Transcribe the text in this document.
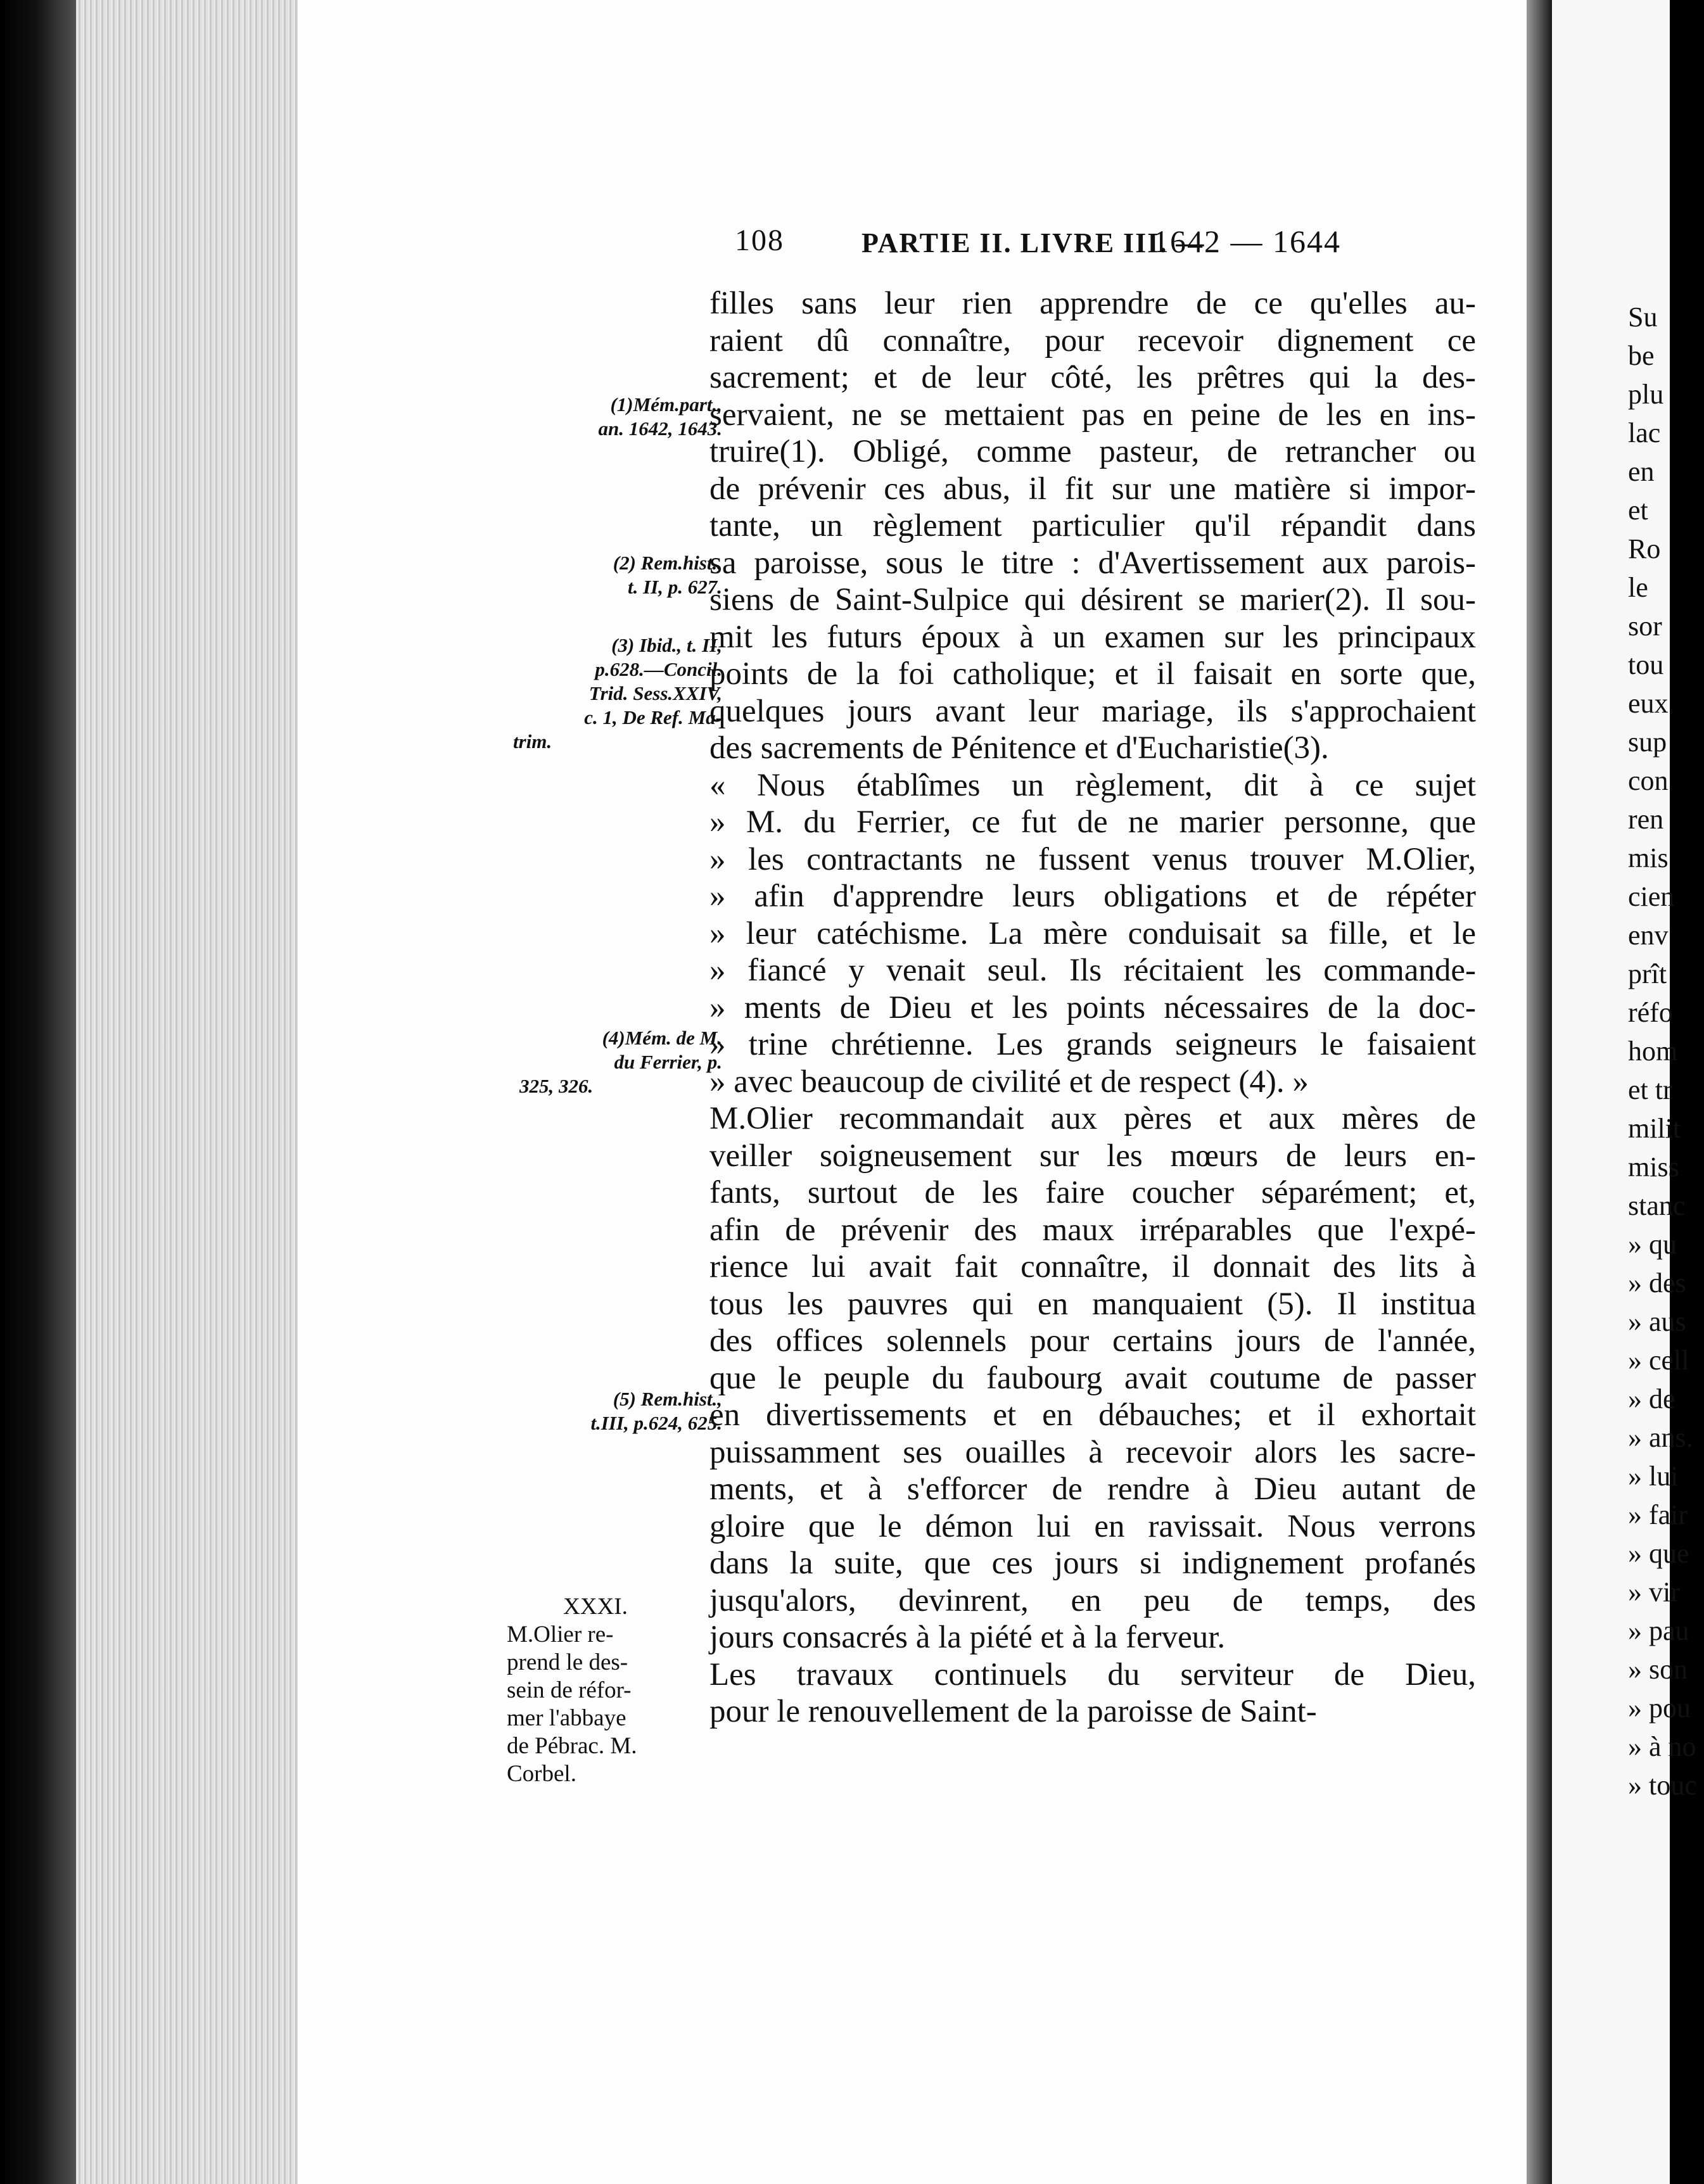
108	PARTIE II. LIVRE III. —
1642 — 1644
(1)Mém.part.,
an. 1642, 1643.
(2) Rem.hist.,
t. II, p. 627.
(3) Ibid., t. II,
p.628.—Concil.
Trid. Sess.XXIV,
c. 1, De Ref. Ma-
trim.
(4)Mém. de M.
du Ferrier, p.
325, 326.
(5) Rem.hist.,
t.III, p.624, 625.
XXXI.
M.Olier re-
prend le des-
sein de réfor-
mer l'abbaye
de Pébrac. M.
Corbel.
filles sans leur rien apprendre de ce qu'elles au-
raient dû connaître, pour recevoir dignement ce
sacrement; et de leur côté, les prêtres qui la des-
servaient, ne se mettaient pas en peine de les en ins-
truire(1). Obligé, comme pasteur, de retrancher ou
de prévenir ces abus, il fit sur une matière si impor-
tante, un règlement particulier qu'il répandit dans
sa paroisse, sous le titre : d'Avertissement aux parois-
siens de Saint-Sulpice qui désirent se marier(2). Il sou-
mit les futurs époux à un examen sur les principaux
points de la foi catholique; et il faisait en sorte que,
quelques jours avant leur mariage, ils s'approchaient
des sacrements de Pénitence et d'Eucharistie(3).
« Nous établîmes un règlement, dit à ce sujet
» M. du Ferrier, ce fut de ne marier personne, que
» les contractants ne fussent venus trouver M.Olier,
» afin d'apprendre leurs obligations et de répéter
» leur catéchisme. La mère conduisait sa fille, et le
» fiancé y venait seul. Ils récitaient les commande-
» ments de Dieu et les points nécessaires de la doc-
» trine chrétienne. Les grands seigneurs le faisaient
» avec beaucoup de civilité et de respect (4). »
M.Olier recommandait aux pères et aux mères de
veiller soigneusement sur les mœurs de leurs en-
fants, surtout de les faire coucher séparément; et,
afin de prévenir des maux irréparables que l'expé-
rience lui avait fait connaître, il donnait des lits à
tous les pauvres qui en manquaient (5). Il institua
des offices solennels pour certains jours de l'année,
que le peuple du faubourg avait coutume de passer
en divertissements et en débauches; et il exhortait
puissamment ses ouailles à recevoir alors les sacre-
ments, et à s'efforcer de rendre à Dieu autant de
gloire que le démon lui en ravissait. Nous verrons
dans la suite, que ces jours si indignement profanés
jusqu'alors, devinrent, en peu de temps, des
jours consacrés à la piété et à la ferveur.
Les travaux continuels du serviteur de Dieu,
pour le renouvellement de la paroisse de Saint-
Su
be
plu
lac
en
et
Ro
le
sor
tou
eux
sup
con
ren
mis
cien
env
prît
réfo
hom
et tr
milit
miss
stanc
» qu
» des
» aus
» cell
» de
» ans.
» lui
» fair
» que
» vir
» pau
» son
» pou
» à no
» touc
